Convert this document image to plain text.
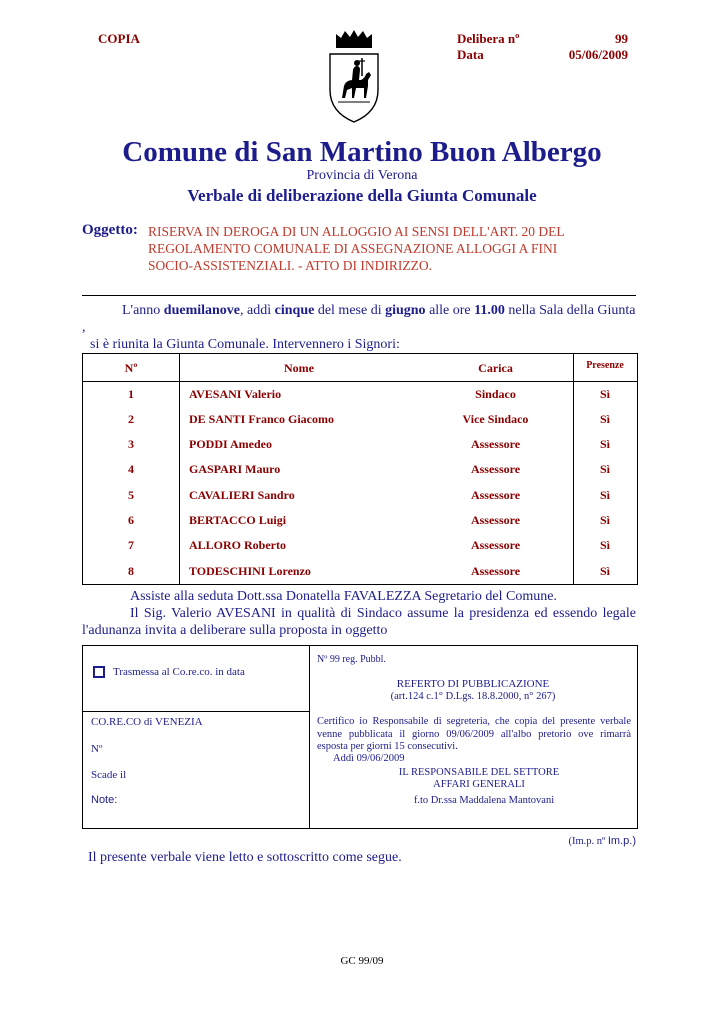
COPIA	Delibera nº	99
Data	05/06/2009
Comune di San Martino Buon Albergo
Provincia di Verona
Verbale di deliberazione della Giunta Comunale
Oggetto: RISERVA IN DEROGA DI UN ALLOGGIO AI SENSI DELL'ART. 20 DEL
REGOLAMENTO COMUNALE DI ASSEGNAZIONE ALLOGGI A FINI
SOCIO-ASSISTENZIALI. - ATTO DI INDIRIZZO.
L'anno duemilanove, addì cinque del mese di giugno alle ore 11.00 nella Sala della Giunta ,
si è riunita la Giunta Comunale. Intervennero i Signori:
Nº	Nome	Carica	Presenze
1	AVESANI Valerio	Sindaco	Sì
2	DE SANTI Franco Giacomo	Vice Sindaco	Sì
3	PODDI Amedeo	Assessore	Sì
4	GASPARI Mauro	Assessore	Sì
5	CAVALIERI Sandro	Assessore	Sì
6	BERTACCO Luigi	Assessore	Sì
7	ALLORO Roberto	Assessore	Sì
8	TODESCHINI Lorenzo	Assessore	Sì
Assiste alla seduta Dott.ssa Donatella FAVALEZZA Segretario del Comune.
Il Sig. Valerio AVESANI in qualità di Sindaco assume la presidenza ed essendo legale l'adunanza invita a deliberare sulla proposta in oggetto
Trasmessa al Co.re.co. in data
CO.RE.CO di VENEZIA
Nº
Scade il
Note:
Nº 99 reg. Pubbl.
REFERTO DI PUBBLICAZIONE
(art.124 c.1° D.Lgs. 18.8.2000, n° 267)
Certifico io Responsabile di segreteria, che copia del presente verbale venne pubblicata il giorno 09/06/2009 all'albo pretorio ove rimarrà esposta per giorni 15 consecutivi.
Addì 09/06/2009
IL RESPONSABILE DEL SETTORE
AFFARI GENERALI
f.to Dr.ssa Maddalena Mantovani
(Im.p. nº Im.p.)
Il presente verbale viene letto e sottoscritto come segue.
GC 99/09
